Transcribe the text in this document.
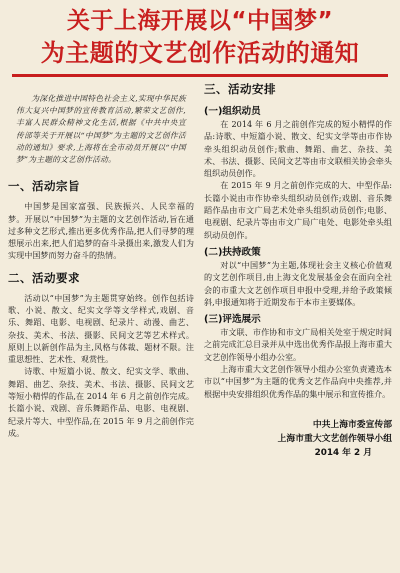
关于上海开展以“中国梦”
为主题的文艺创作活动的通知

为深化推进中国特色社会主义,实现中华民族伟大复兴中国梦的宣传教育活动,繁荣文艺创作,丰富人民群众精神文化生活,根据《中共中央宣传部等关于开展以“中国梦”为主题的文艺创作活动的通知》要求,上海将在全市动员开展以“中国梦”为主题的文艺创作活动。

一、活动宗旨

中国梦是国家富强、民族振兴、人民幸福的梦。开展以“中国梦”为主题的文艺创作活动,旨在通过多种文艺形式,推出更多优秀作品,把人们寻梦的理想展示出来,把人们追梦的奋斗录摄出来,激发人们为实现中国梦而努力奋斗的热情。

二、活动要求

活动以“中国梦”为主题贯穿始终。创作包括诗歌、小说、散文、纪实文学等文学样式,戏剧、音乐、舞蹈、电影、电视剧、纪录片、动漫、曲艺、杂技、美术、书法、摄影、民间文艺等艺术样式。原则上以新创作品为主,风格与体裁、题材不限。注重思想性、艺术性、观赏性。

诗歌、中短篇小说、散文、纪实文学、歌曲、舞蹈、曲艺、杂技、美术、书法、摄影、民间文艺等短小精悍的作品,在 2014 年 6 月之前创作完成。长篇小说、戏剧、音乐舞蹈作品、电影、电视剧、纪录片等大、中型作品,在 2015 年 9 月之前创作完成。

三、活动安排
(一)组织动员

在 2014 年 6 月之前创作完成的短小精悍的作品:诗歌、中短篇小说、散文、纪实文学等由市作协牵头组织动员创作;歌曲、舞蹈、曲艺、杂技、美术、书法、摄影、民间文艺等由市文联相关协会牵头组织动员创作。

在 2015 年 9 月之前创作完成的大、中型作品:长篇小说由市作协牵头组织动员创作;戏剧、音乐舞蹈作品由市文广局艺术处牵头组织动员创作;电影、电视剧、纪录片等由市文广局广电处、电影处牵头组织动员创作。

(二)扶持政策

对以“中国梦”为主题,体现社会主义核心价值观的文艺创作项目,由上海文化发展基金会在面向全社会的市重大文艺创作项目申报中受理,并给予政策倾斜,申报通知将于近期发布于本市主要媒体。

(三)评选展示

市文联、市作协和市文广局相关处室于规定时间之前完成汇总目录并从中选出优秀作品报上海市重大文艺创作领导小组办公室。

上海市重大文艺创作领导小组办公室负责遴选本市以“中国梦”为主题的优秀文艺作品向中央推荐,并根据中央安排组织优秀作品的集中展示和宣传推介。

中共上海市委宣传部
上海市重大文艺创作领导小组
2014 年 2 月
